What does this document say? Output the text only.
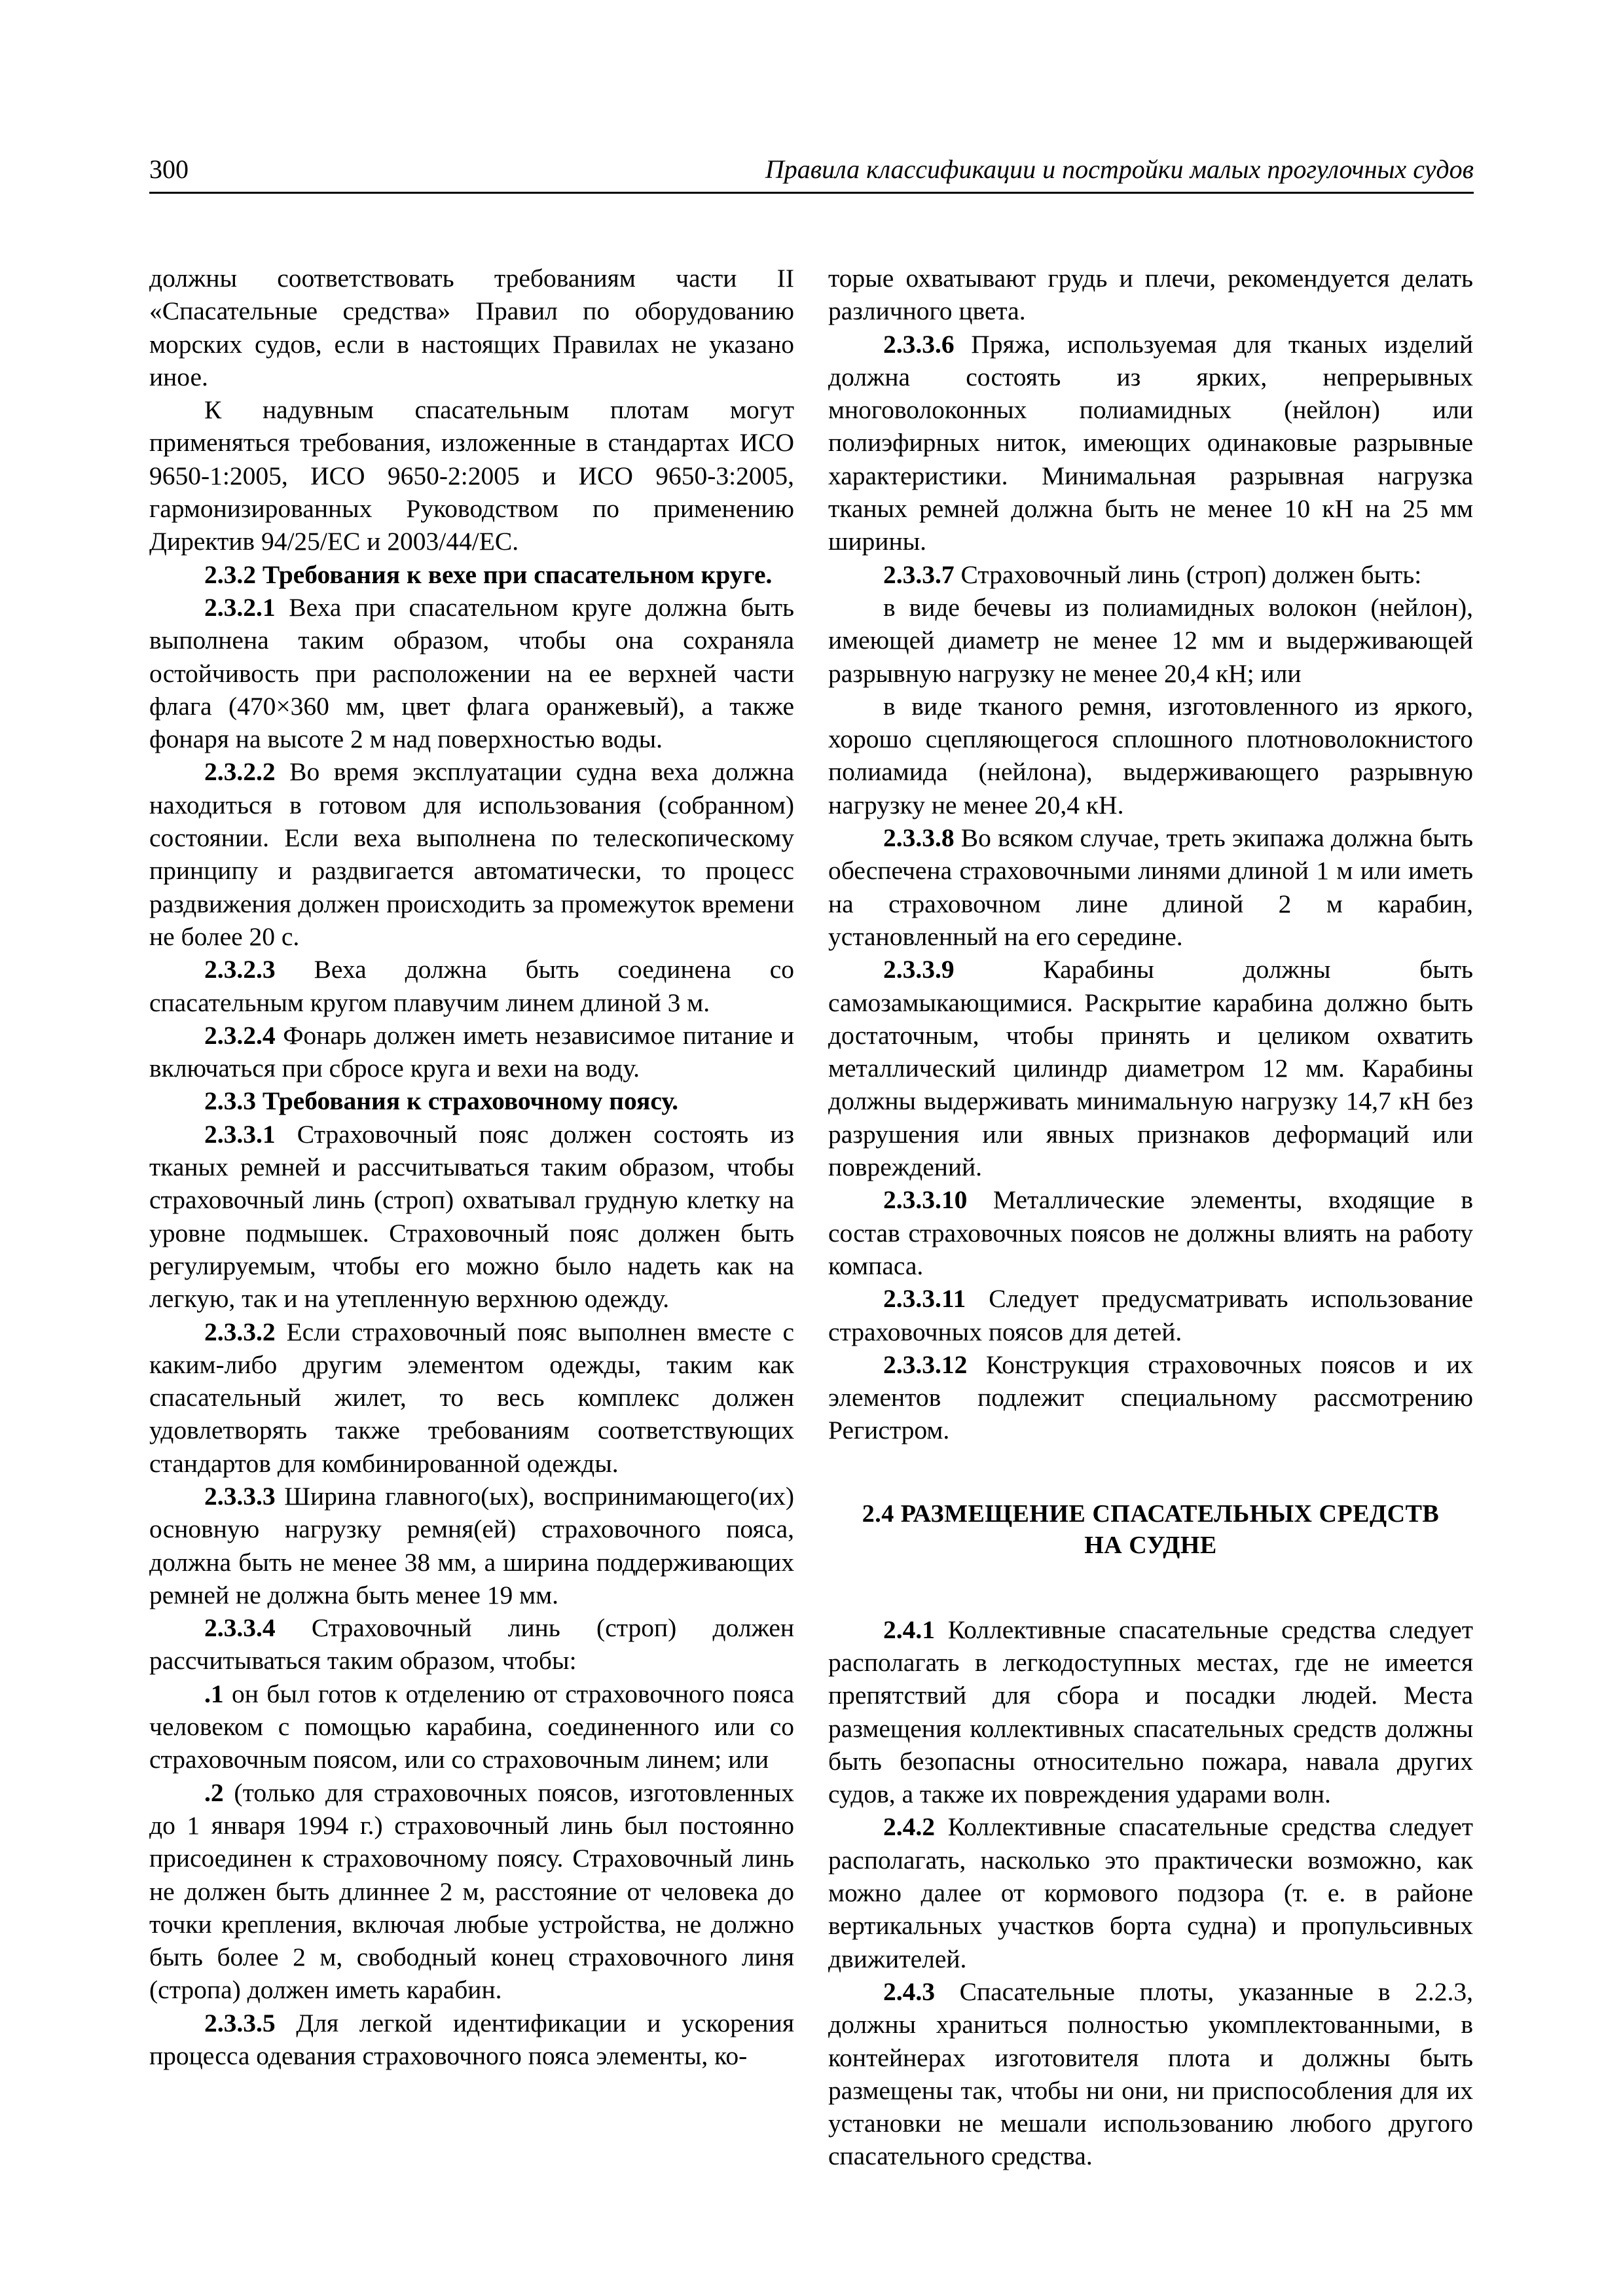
300	Правила классификации и постройки малых прогулочных судов

должны соответствовать требованиям части II «Спасательные средства» Правил по оборудованию морских судов, если в настоящих Правилах не указано иное.

К надувным спасательным плотам могут применяться требования, изложенные в стандартах ИСО 9650-1:2005, ИСО 9650-2:2005 и ИСО 9650-3:2005, гармонизированных Руководством по применению Директив 94/25/ЕС и 2003/44/ЕС.

2.3.2 Требования к вехе при спасательном круге.

2.3.2.1 Веха при спасательном круге должна быть выполнена таким образом, чтобы она сохраняла остойчивость при расположении на ее верхней части флага (470×360 мм, цвет флага оранжевый), а также фонаря на высоте 2 м над поверхностью воды.

2.3.2.2 Во время эксплуатации судна веха должна находиться в готовом для использования (собранном) состоянии. Если веха выполнена по телескопическому принципу и раздвигается автоматически, то процесс раздвижения должен происходить за промежуток времени не более 20 с.

2.3.2.3 Веха должна быть соединена со спасательным кругом плавучим линем длиной 3 м.

2.3.2.4 Фонарь должен иметь независимое питание и включаться при сбросе круга и вехи на воду.

2.3.3 Требования к страховочному поясу.

2.3.3.1 Страховочный пояс должен состоять из тканых ремней и рассчитываться таким образом, чтобы страховочный линь (строп) охватывал грудную клетку на уровне подмышек. Страховочный пояс должен быть регулируемым, чтобы его можно было надеть как на легкую, так и на утепленную верхнюю одежду.

2.3.3.2 Если страховочный пояс выполнен вместе с каким-либо другим элементом одежды, таким как спасательный жилет, то весь комплекс должен удовлетворять также требованиям соответствующих стандартов для комбинированной одежды.

2.3.3.3 Ширина главного(ых), воспринимающего(их) основную нагрузку ремня(ей) страховочного пояса, должна быть не менее 38 мм, а ширина поддерживающих ремней не должна быть менее 19 мм.

2.3.3.4 Страховочный линь (строп) должен рассчитываться таким образом, чтобы:

.1 он был готов к отделению от страховочного пояса человеком с помощью карабина, соединенного или со страховочным поясом, или со страховочным линем; или

.2 (только для страховочных поясов, изготовленных до 1 января 1994 г.) страховочный линь был постоянно присоединен к страховочному поясу. Страховочный линь не должен быть длиннее 2 м, расстояние от человека до точки крепления, включая любые устройства, не должно быть более 2 м, свободный конец страховочного линя (стропа) должен иметь карабин.

2.3.3.5 Для легкой идентификации и ускорения процесса одевания страховочного пояса элементы, ко-

торые охватывают грудь и плечи, рекомендуется делать различного цвета.

2.3.3.6 Пряжа, используемая для тканых изделий должна состоять из ярких, непрерывных многоволоконных полиамидных (нейлон) или полиэфирных ниток, имеющих одинаковые разрывные характеристики. Минимальная разрывная нагрузка тканых ремней должна быть не менее 10 кН на 25 мм ширины.

2.3.3.7 Страховочный линь (строп) должен быть:

в виде бечевы из полиамидных волокон (нейлон), имеющей диаметр не менее 12 мм и выдерживающей разрывную нагрузку не менее 20,4 кН; или

в виде тканого ремня, изготовленного из яркого, хорошо сцепляющегося сплошного плотноволокнистого полиамида (нейлона), выдерживающего разрывную нагрузку не менее 20,4 кН.

2.3.3.8 Во всяком случае, треть экипажа должна быть обеспечена страховочными линями длиной 1 м или иметь на страховочном лине длиной 2 м карабин, установленный на его середине.

2.3.3.9	Карабины должны быть самозамыкающимися. Раскрытие карабина должно быть достаточным, чтобы принять и целиком охватить металлический цилиндр диаметром 12 мм. Карабины должны выдерживать минимальную нагрузку 14,7 кН без разрушения или явных признаков деформаций или повреждений.

2.3.3.10 Металлические элементы, входящие в состав страховочных поясов не должны влиять на работу компаса.

2.3.3.11 Следует предусматривать использование страховочных поясов для детей.

2.3.3.12 Конструкция страховочных поясов и их элементов подлежит специальному рассмотрению Регистром.

2.4 РАЗМЕЩЕНИЕ СПАСАТЕЛЬНЫХ СРЕДСТВ
НА СУДНЕ

2.4.1 Коллективные спасательные средства следует располагать в легкодоступных местах, где не имеется препятствий для сбора и посадки людей. Места размещения коллективных спасательных средств должны быть безопасны относительно пожара, навала других судов, а также их повреждения ударами волн.

2.4.2 Коллективные спасательные средства следует располагать, насколько это практически возможно, как можно далее от кормового подзора (т. е. в районе вертикальных участков борта судна) и пропульсивных движителей.

2.4.3 Спасательные плоты, указанные в 2.2.3, должны храниться полностью укомплектованными, в контейнерах изготовителя плота и должны быть размещены так, чтобы ни они, ни приспособления для их установки не мешали использованию любого другого спасательного средства.
